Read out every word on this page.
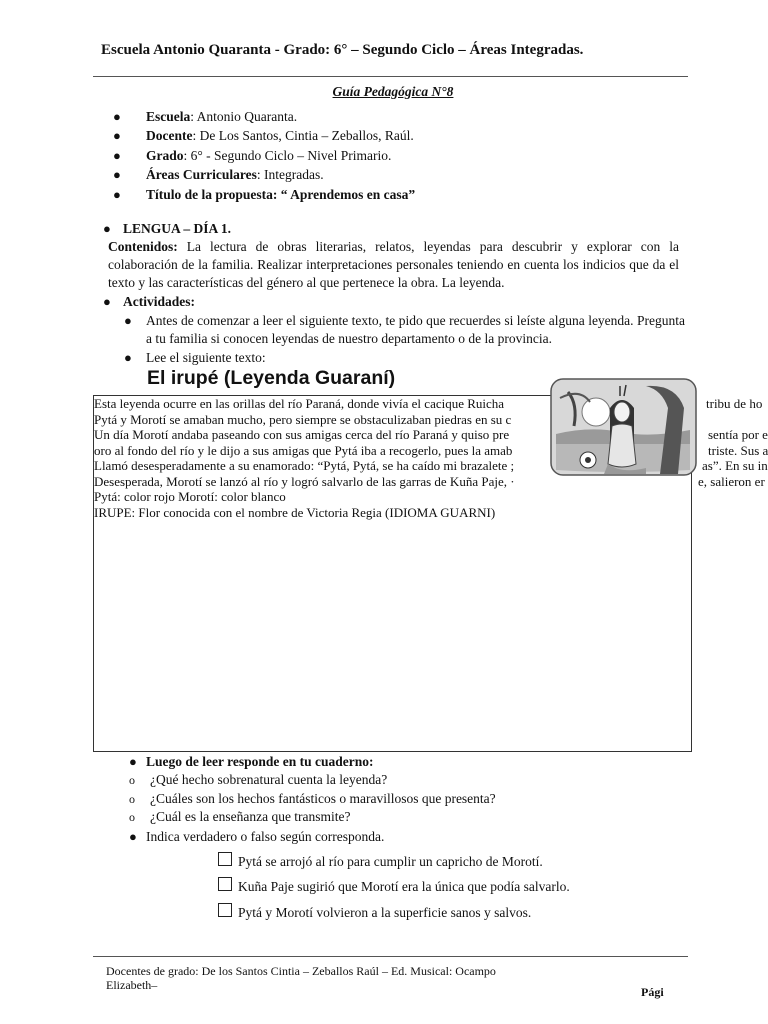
Escuela Antonio Quaranta - Grado: 6° – Segundo Ciclo – Áreas Integradas.
Guía Pedagógica N°8
● Escuela: Antonio Quaranta.
● Docente: De Los Santos, Cintia – Zeballos, Raúl.
● Grado: 6° - Segundo Ciclo – Nivel Primario.
● Áreas Curriculares: Integradas.
● Título de la propuesta: “ Aprendemos en casa”
● LENGUA – DÍA 1.
Contenidos: La lectura de obras literarias, relatos, leyendas para descubrir y explorar con la colaboración de la familia. Realizar interpretaciones personales teniendo en cuenta los indicios que da el texto y las características del género al que pertenece la obra. La leyenda.
● Actividades:
● Antes de comenzar a leer el siguiente texto, te pido que recuerdes si leíste alguna leyenda. Pregunta a tu familia si conocen leyendas de nuestro departamento o de la provincia.
● Lee el siguiente texto:
El irupé (Leyenda Guaraní)
Esta leyenda ocurre en las orillas del río Paraná, donde vivía el cacique Ruicha
Pytá y Morotí se amaban mucho, pero siempre se obstaculizaban piedras en su c
Un día Morotí andaba paseando con sus amigas cerca del río Paraná y quiso pre
oro al fondo del río y le dijo a sus amigas que Pytá iba a recogerlo, pues la amab
Llamó desesperadamente a su enamorado: “Pytá, Pytá, se ha caído mi brazalete ;
Desesperada, Morotí se lanzó al río y logró salvarlo de las garras de Kuña Paje, ·
Pytá: color rojo Morotí: color blanco
IRUPE: Flor conocida con el nombre de Victoria Regia (IDIOMA GUARNI)
tribu de ho
sentía por e
triste. Sus a
as”. En su in
e, salieron er
● Luego de leer responde en tu cuaderno:
o ¿Qué hecho sobrenatural cuenta la leyenda?
o ¿Cuáles son los hechos fantásticos o maravillosos que presenta?
o ¿Cuál es la enseñanza que transmite?
● Indica verdadero o falso según corresponda.
Pytá se arrojó al río para cumplir un capricho de Morotí.
Kuña Paje sugirió que Morotí era la única que podía salvarlo.
Pytá y Morotí volvieron a la superficie sanos y salvos.
Docentes de grado: De los Santos Cintia – Zeballos Raúl – Ed. Musical: Ocampo Elizabeth–	Pági
